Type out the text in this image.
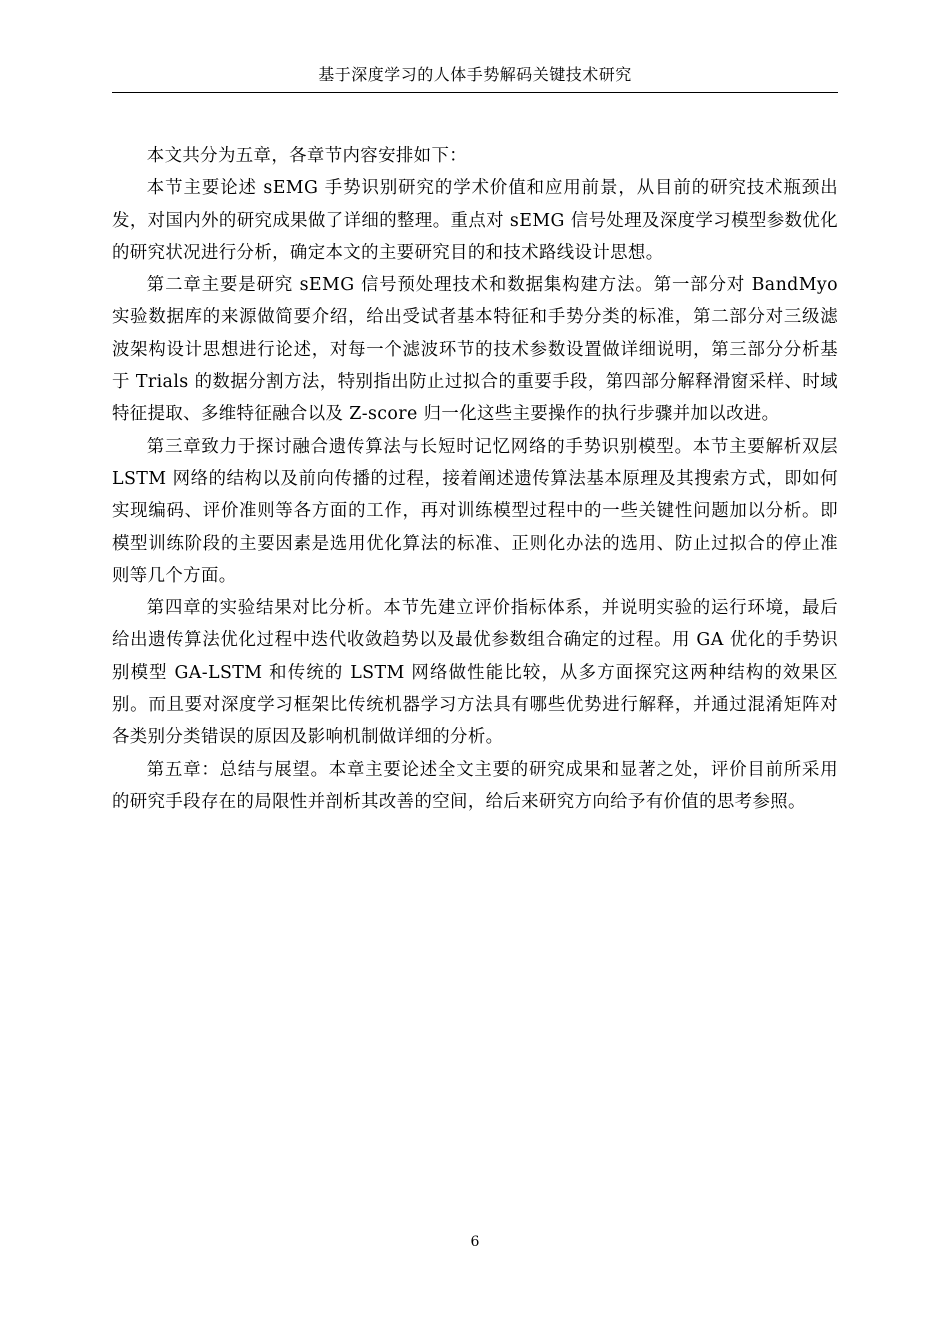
基于深度学习的人体手势解码关键技术研究

本文共分为五章，各章节内容安排如下：

本节主要论述 sEMG 手势识别研究的学术价值和应用前景，从目前的研究技术瓶颈出发，对国内外的研究成果做了详细的整理。重点对 sEMG 信号处理及深度学习模型参数优化的研究状况进行分析，确定本文的主要研究目的和技术路线设计思想。

第二章主要是研究 sEMG 信号预处理技术和数据集构建方法。第一部分对 BandMyo 实验数据库的来源做简要介绍，给出受试者基本特征和手势分类的标准，第二部分对三级滤波架构设计思想进行论述，对每一个滤波环节的技术参数设置做详细说明，第三部分分析基于 Trials 的数据分割方法，特别指出防止过拟合的重要手段，第四部分解释滑窗采样、时域特征提取、多维特征融合以及 Z-score 归一化这些主要操作的执行步骤并加以改进。

第三章致力于探讨融合遗传算法与长短时记忆网络的手势识别模型。本节主要解析双层 LSTM 网络的结构以及前向传播的过程，接着阐述遗传算法基本原理及其搜索方式，即如何实现编码、评价准则等各方面的工作，再对训练模型过程中的一些关键性问题加以分析。即模型训练阶段的主要因素是选用优化算法的标准、正则化办法的选用、防止过拟合的停止准则等几个方面。

第四章的实验结果对比分析。本节先建立评价指标体系，并说明实验的运行环境，最后给出遗传算法优化过程中迭代收敛趋势以及最优参数组合确定的过程。用 GA 优化的手势识别模型 GA-LSTM 和传统的 LSTM 网络做性能比较，从多方面探究这两种结构的效果区别。而且要对深度学习框架比传统机器学习方法具有哪些优势进行解释，并通过混淆矩阵对各类别分类错误的原因及影响机制做详细的分析。

第五章：总结与展望。本章主要论述全文主要的研究成果和显著之处，评价目前所采用的研究手段存在的局限性并剖析其改善的空间，给后来研究方向给予有价值的思考参照。

6
